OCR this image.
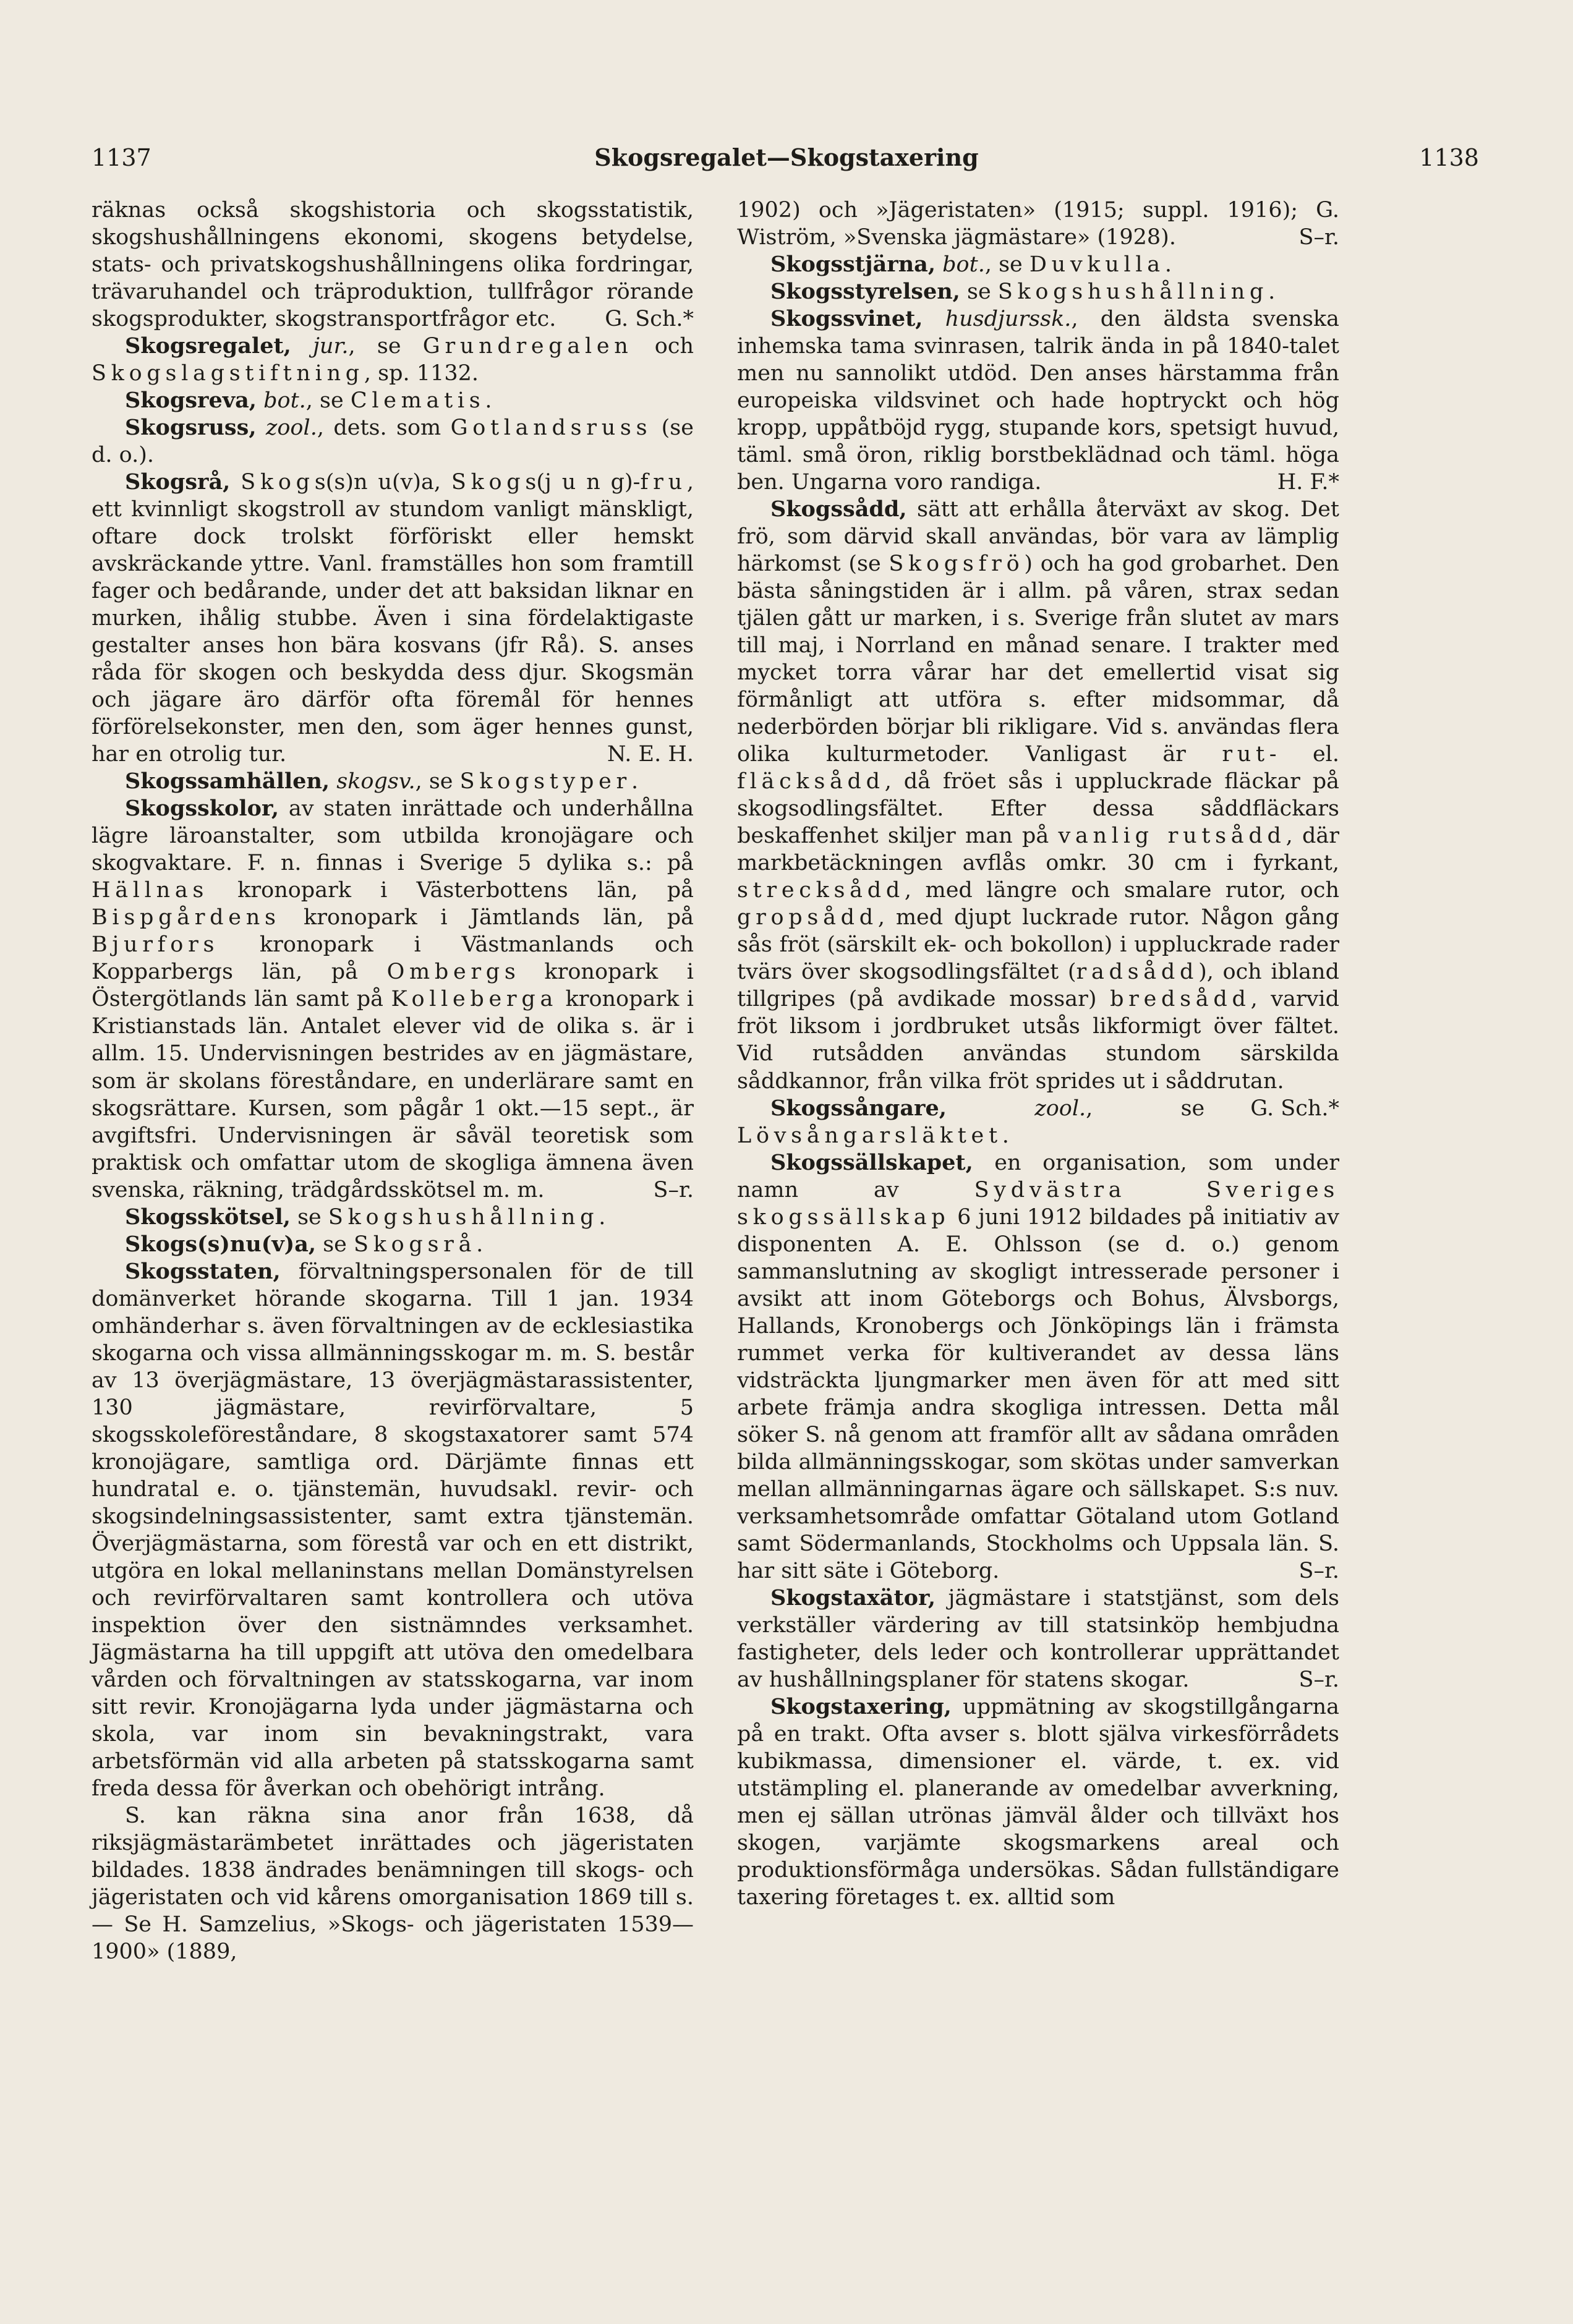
1137	Skogsregalet—Skogstaxering	1138

räknas också skogshistoria och skogsstatistik, skogshushållningens ekonomi, skogens betydelse, stats- och privatskogshushållningens olika fordringar, trävaruhandel och träproduktion, tullfrågor rörande skogsprodukter, skogstransportfrågor etc. G. Sch.*

Skogsregalet, jur., se Grundregalen och Skogslagstiftning, sp. 1132.

Skogsreva, bot., se Clematis.

Skogsruss, zool., dets. som Gotlandsruss (se d. o.).

Skogsrå, Skogs(s)n u(v)a, Skogs(j u n g)-fru, ett kvinnligt skogstroll av stundom vanligt mänskligt, oftare dock trolskt förföriskt eller hemskt avskräckande yttre. Vanl. framställes hon som framtill fager och bedårande, under det att baksidan liknar en murken, ihålig stubbe. Även i sina fördelaktigaste gestalter anses hon bära kosvans (jfr Rå). S. anses råda för skogen och beskydda dess djur. Skogsmän och jägare äro därför ofta föremål för hennes förförelsekonster, men den, som äger hennes gunst, har en otrolig tur.	N. E. H.

Skogssamhällen, skogsv., se Skogstyper.

Skogsskolor, av staten inrättade och underhållna lägre läroanstalter, som utbilda kronojägare och skogvaktare. F. n. finnas i Sverige 5 dylika s.: på Hällnas kronopark i Västerbottens län, på Bispgårdens kronopark i Jämtlands län, på Bjurfors kronopark i Västmanlands och Kopparbergs län, på Ombergs kronopark i Östergötlands län samt på Kolleberga kronopark i Kristianstads län. Antalet elever vid de olika s. är i allm. 15. Undervisningen bestrides av en jägmästare, som är skolans föreståndare, en underlärare samt en skogsrättare. Kursen, som pågår 1 okt.—15 sept., är avgiftsfri. Undervisningen är såväl teoretisk som praktisk och omfattar utom de skogliga ämnena även svenska, räkning, trädgårdsskötsel m. m.	S–r.

Skogsskötsel, se Skogshushållning.

Skogs(s)nu(v)a, se Skogsrå.

Skogsstaten, förvaltningspersonalen för de till domänverket hörande skogarna. Till 1 jan. 1934 omhänderhar s. även förvaltningen av de ecklesiastika skogarna och vissa allmänningsskogar m. m. S. består av 13 överjägmästare, 13 överjägmästarassistenter, 130 jägmästare, revirförvaltare, 5 skogsskoleföreståndare, 8 skogstaxatorer samt 574 kronojägare, samtliga ord. Därjämte finnas ett hundratal e. o. tjänstemän, huvudsakl. revir- och skogsindelningsassistenter, samt extra tjänstemän. Överjägmästarna, som förestå var och en ett distrikt, utgöra en lokal mellaninstans mellan Domänstyrelsen och revirförvaltaren samt kontrollera och utöva inspektion över den sistnämndes verksamhet. Jägmästarna ha till uppgift att utöva den omedelbara vården och förvaltningen av statsskogarna, var inom sitt revir. Kronojägarna lyda under jägmästarna och skola, var inom sin bevakningstrakt, vara arbetsförmän vid alla arbeten på statsskogarna samt freda dessa för åverkan och obehörigt intrång.

S. kan räkna sina anor från 1638, då riksjägmästarämbetet inrättades och jägeristaten bildades. 1838 ändrades benämningen till skogs- och jägeristaten och vid kårens omorganisation 1869 till s. — Se H. Samzelius, »Skogs- och jägeristaten 1539—1900» (1889,

1902) och »Jägeristaten» (1915; suppl. 1916); G. Wiström, »Svenska jägmästare» (1928).	S–r.

Skogsstjärna, bot., se Duvkulla.

Skogsstyrelsen, se Skogshushållning.

Skogssvinet, husdjurssk., den äldsta svenska inhemska tama svinrasen, talrik ända in på 1840-talet men nu sannolikt utdöd. Den anses härstamma från europeiska vildsvinet och hade hoptryckt och hög kropp, uppåtböjd rygg, stupande kors, spetsigt huvud, täml. små öron, riklig borstbeklädnad och täml. höga ben. Ungarna voro randiga.	H. F.*

Skogssådd, sätt att erhålla återväxt av skog. Det frö, som därvid skall användas, bör vara av lämplig härkomst (se Skogsfrö) och ha god grobarhet. Den bästa såningstiden är i allm. på våren, strax sedan tjälen gått ur marken, i s. Sverige från slutet av mars till maj, i Norrland en månad senare. I trakter med mycket torra vårar har det emellertid visat sig förmånligt att utföra s. efter midsommar, då nederbörden börjar bli rikligare. Vid s. användas flera olika kulturmetoder. Vanligast är rut- el. fläcksådd, då fröet sås i uppluckrade fläckar på skogsodlingsfältet. Efter dessa såddfläckars beskaffenhet skiljer man på vanlig rutsådd, där markbetäckningen avflås omkr. 30 cm i fyrkant, strecksådd, med längre och smalare rutor, och gropsådd, med djupt luckrade rutor. Någon gång sås fröt (särskilt ek- och bokollon) i uppluckrade rader tvärs över skogsodlingsfältet (radsådd), och ibland tillgripes (på avdikade mossar) bredsådd, varvid fröt liksom i jordbruket utsås likformigt över fältet. Vid rutsådden användas stundom särskilda såddkannor, från vilka fröt sprides ut i såddrutan.
G. Sch.*

Skogssångare,	zool., se Lövsångarsläktet.

Skogssällskapet, en organisation, som under namn av Sydvästra Sveriges skogssällskap 6 juni 1912 bildades på initiativ av disponenten A. E. Ohlsson (se d. o.) genom sammanslutning av skogligt intresserade personer i avsikt att inom Göteborgs och Bohus, Älvsborgs, Hallands, Kronobergs och Jönköpings län i främsta rummet verka för kultiverandet av dessa läns vidsträckta ljungmarker men även för att med sitt arbete främja andra skogliga intressen. Detta mål söker S. nå genom att framför allt av sådana områden bilda allmänningsskogar, som skötas under samverkan mellan allmänningarnas ägare och sällskapet. S:s nuv. verksamhetsområde omfattar Götaland utom Gotland samt Södermanlands, Stockholms och Uppsala län. S. har sitt säte i Göteborg.	S–r.

Skogstaxätor, jägmästare i statstjänst, som dels verkställer värdering av till statsinköp hembjudna fastigheter, dels leder och kontrollerar upprättandet av hushållningsplaner för statens skogar.	S–r.

Skogstaxering, uppmätning av skogstillgångarna på en trakt. Ofta avser s. blott själva virkesförrådets kubikmassa, dimensioner el. värde, t. ex. vid utstämpling el. planerande av omedelbar avverkning, men ej sällan utrönas jämväl ålder och tillväxt hos skogen, varjämte skogsmarkens areal och produktionsförmåga undersökas. Sådan fullständigare taxering företages t. ex. alltid som
